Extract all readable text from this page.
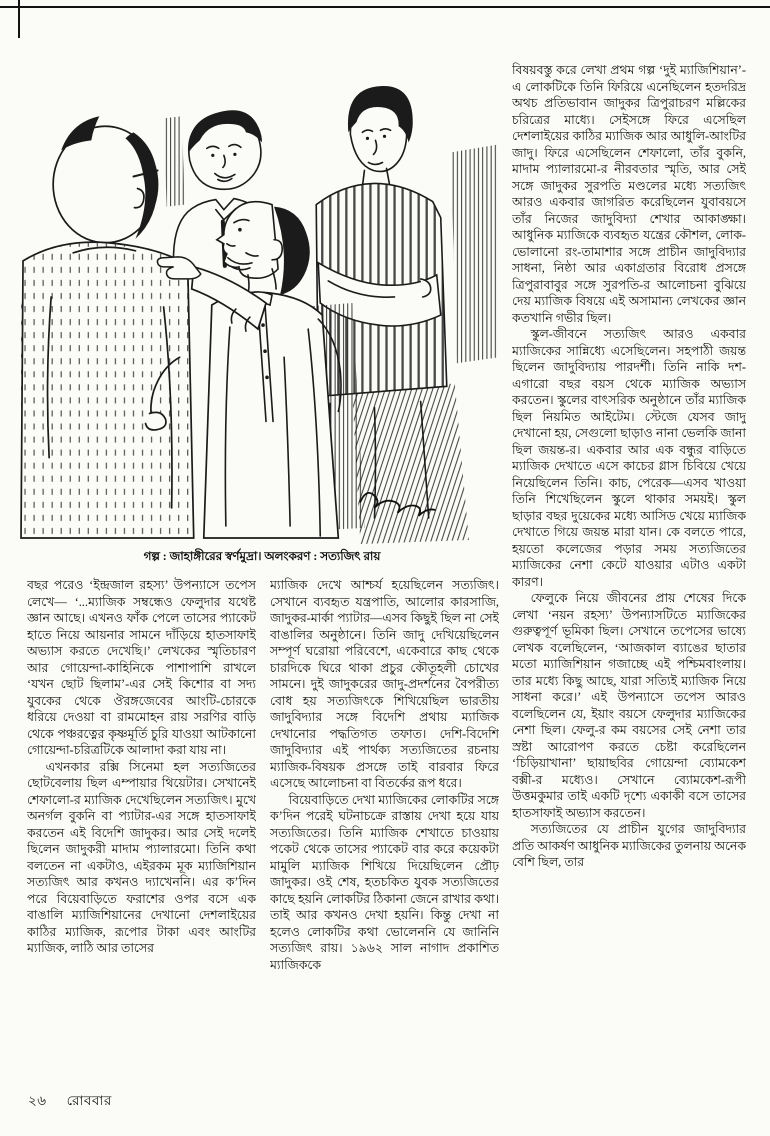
গল্প : জাহাঙ্গীরের স্বর্ণমুদ্রা। অলংকরণ : সত্যজিৎ রায়

বছর পরেও ‘ইন্দ্রজাল রহস্য’ উপন্যাসে তপেস লেখে— ‘...ম্যাজিক সম্বন্ধেও ফেলুদার যথেষ্ট জ্ঞান আছে। এখনও ফাঁক পেলে তাসের প্যাকেট হাতে নিয়ে আয়নার সামনে দাঁড়িয়ে হাতসাফাই অভ্যাস করতে দেখেছি।’ লেখকের স্মৃতিচারণ আর গোয়েন্দা-কাহিনিকে পাশাপাশি রাখলে ‘যখন ছোট ছিলাম’-এর সেই কিশোর বা সদ্য যুবকের থেকে ঔরঙ্গজেবের আংটি-চোরকে ধরিয়ে দেওয়া বা রামমোহন রায় সরণির বাড়ি থেকে পঞ্চরত্নের কৃষ্ণমূর্তি চুরি যাওয়া আটকানো গোয়েন্দা-চরিত্রটিকে আলাদা করা যায় না।

এখনকার রক্সি সিনেমা হল সত্যজিতের ছোটবেলায় ছিল এম্পায়ার থিয়েটার। সেখানেই শেফালো-র ম্যাজিক দেখেছিলেন সত্যজিৎ। মুখে অনর্গল বুকনি বা প্যাটার-এর সঙ্গে হাতসাফাই করতেন এই বিদেশি জাদুকর। আর সেই দলেই ছিলেন জাদুকরী মাদাম প্যালারমো। তিনি কথা বলতেন না একটাও, এইরকম মূক ম্যাজিশিয়ান সত্যজিৎ আর কখনও দ্যাখেননি। এর ক’দিন পরে বিয়েবাড়িতে ফরাশের ওপর বসে এক বাঙালি ম্যাজিশিয়ানের দেখানো দেশলাইয়ের কাঠির ম্যাজিক, রূপোর টাকা এবং আংটির ম্যাজিক, লাঠি আর তাসের

ম্যাজিক দেখে আশ্চর্য হয়েছিলেন সত্যজিৎ। সেখানে ব্যবহৃত যন্ত্রপাতি, আলোর কারসাজি, জাদুকর-মার্কা প্যাটার—এসব কিছুই ছিল না সেই বাঙালির অনুষ্ঠানে। তিনি জাদু দেখিয়েছিলেন সম্পূর্ণ ঘরোয়া পরিবেশে, একেবারে কাছ থেকে চারদিকে ঘিরে থাকা প্রচুর কৌতূহলী চোখের সামনে। দুই জাদুকরের জাদু-প্রদর্শনের বৈপরীত্য বোধ হয় সত্যজিৎকে শিখিয়েছিল ভারতীয় জাদুবিদ্যার সঙ্গে বিদেশি প্রথায় ম্যাজিক দেখানোর পদ্ধতিগত তফাত। দেশি-বিদেশি জাদুবিদ্যার এই পার্থক্য সত্যজিতের রচনায় ম্যাজিক-বিষয়ক প্রসঙ্গে তাই বারবার ফিরে এসেছে আলোচনা বা বিতর্কের রূপ ধরে।

বিয়েবাড়িতে দেখা ম্যাজিকের লোকটির সঙ্গে ক’দিন পরেই ঘটনাচক্রে রাস্তায় দেখা হয়ে যায় সত্যজিতের। তিনি ম্যাজিক শেখাতে চাওয়ায় পকেট থেকে তাসের প্যাকেট বার করে কয়েকটা মামুলি ম্যাজিক শিখিয়ে দিয়েছিলেন প্রৌঢ় জাদুকর। ওই শেষ, হতচকিত যুবক সত্যজিতের কাছে হয়নি লোকটির ঠিকানা জেনে রাখার কথা। তাই আর কখনও দেখা হয়নি। কিন্তু দেখা না হলেও লোকটির কথা ভোলেননি যে জানিনি সত্যজিৎ রায়। ১৯৬২ সাল নাগাদ প্রকাশিত ম্যাজিককে

বিষয়বস্তু করে লেখা প্রথম গল্প ‘দুই ম্যাজিশিয়ান’-এ লোকটিকে তিনি ফিরিয়ে এনেছিলেন হতদরিদ্র অথচ প্রতিভাবান জাদুকর ত্রিপুরাচরণ মল্লিকের চরিত্রের মাধ্যে। সেইসঙ্গে ফিরে এসেছিল দেশলাইয়ের কাঠির ম্যাজিক আর আধুলি-আংটির জাদু। ফিরে এসেছিলেন শেফালো, তাঁর বুকনি, মাদাম প্যালারমো-র নীরবতার স্মৃতি, আর সেই সঙ্গে জাদুকর সুরপতি মণ্ডলের মধ্যে সত্যজিৎ আরও একবার জাগরিত করেছিলেন যুবাবয়সে তাঁর নিজের জাদুবিদ্যা শেখার আকাঙ্ক্ষা। আধুনিক ম্যাজিকে ব্যবহৃত যন্ত্রের কৌশল, লোক-ভোলানো রং-তামাশার সঙ্গে প্রাচীন জাদুবিদ্যার সাধনা, নিষ্ঠা আর একাগ্রতার বিরোধ প্রসঙ্গে ত্রিপুরাবাবুর সঙ্গে সুরপতি-র আলোচনা বুঝিয়ে দেয় ম্যাজিক বিষয়ে এই অসামান্য লেখকের জ্ঞান কতখানি গভীর ছিল।

স্কুল-জীবনে সত্যজিৎ আরও একবার ম্যাজিকের সান্নিধ্যে এসেছিলেন। সহপাঠী জয়ন্ত ছিলেন জাদুবিদ্যায় পারদর্শী। তিনি নাকি দশ-এগারো বছর বয়স থেকে ম্যাজিক অভ্যাস করতেন। স্কুলের বাৎসরিক অনুষ্ঠানে তাঁর ম্যাজিক ছিল নিয়মিত আইটেম। স্টেজে যেসব জাদু দেখানো হয়, সেগুলো ছাড়াও নানা ভেলকি জানা ছিল জয়ন্ত-র। একবার আর এক বন্ধুর বাড়িতে ম্যাজিক দেখাতে এসে কাচের গ্লাস চিবিয়ে খেয়ে নিয়েছিলেন তিনি। কাচ, পেরেক—এসব খাওয়া তিনি শিখেছিলেন স্কুলে থাকার সময়ই। স্কুল ছাড়ার বছর দুয়েকের মধ্যে আসিড খেয়ে ম্যাজিক দেখাতে গিয়ে জয়ন্ত মারা যান। কে বলতে পারে, হয়তো কলেজের পড়ার সময় সত্যজিতের ম্যাজিকের নেশা কেটে যাওয়ার এটাও একটা কারণ।

ফেলুকে নিয়ে জীবনের প্রায় শেষের দিকে লেখা ‘নয়ন রহস্য’ উপন্যাসটিতে ম্যাজিকের গুরুত্বপূর্ণ ভূমিকা ছিল। সেখানে তপেসের ভাষ্যে লেখক বলেছিলেন, ‘আজকাল ব্যাঙের ছাতার মতো ম্যাজিশিয়ান গজাচ্ছে এই পশ্চিমবাংলায়। তার মধ্যে কিছু আছে, যারা সত্যিই ম্যাজিক নিয়ে সাধনা করে।’ এই উপন্যাসে তপেস আরও বলেছিলেন যে, ইয়াং বয়সে ফেলুদার ম্যাজিকের নেশা ছিল। ফেলু-র কম বয়সের সেই নেশা তার স্রষ্টা আরোপণ করতে চেষ্টা করেছিলেন ‘চিড়িয়াখানা’ ছায়াছবির গোয়েন্দা ব্যোমকেশ বক্সী-র মধ্যেও। সেখানে ব্যোমকেশ-রূপী উত্তমকুমার তাই একটি দৃশ্যে একাকী বসে তাসের হাতসাফাই অভ্যাস করতেন।

সত্যজিতের যে প্রাচীন যুগের জাদুবিদ্যার প্রতি আকর্ষণ আধুনিক ম্যাজিকের তুলনায় অনেক বেশি ছিল, তার

২৬ রোববার
